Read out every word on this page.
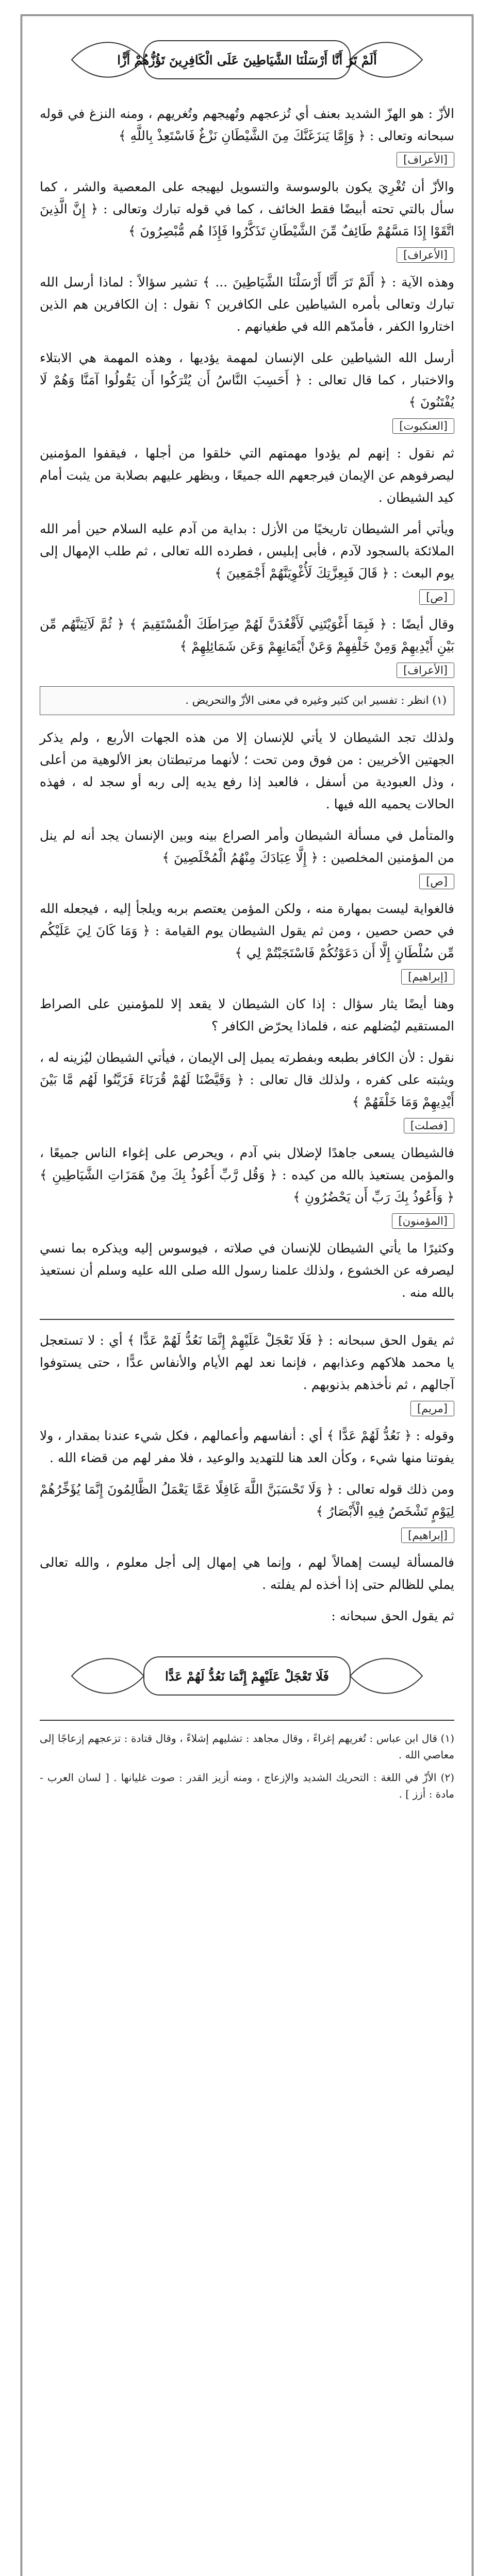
أَلَمْ تَرَ أَنَّا أَرْسَلْنَا الشَّيَاطِينَ عَلَى الْكَافِرِينَ تَؤُزُّهُمْ أَزًّا

الأزّ : هو الهزّ الشديد بعنف أي تُزعجهم وتُهيجهم وتُغريهم ، ومنه النزغ في قوله سبحانه وتعالى : ﴿ وَإِمَّا يَنزَغَنَّكَ مِنَ الشَّيْطَانِ نَزْغٌ فَاسْتَعِذْ بِاللَّهِ ﴾

[الأعراف]

والأزّ أن تُغْرِيَ يكون بالوسوسة والتسويل ليهيجه على المعصية والشر ، كما سأل بالتي تحته أبيضًا فقط الخائف ، كما في قوله تبارك وتعالى : ﴿ إِنَّ الَّذِينَ اتَّقَوْا إِذَا مَسَّهُمْ طَائِفٌ مِّنَ الشَّيْطَانِ تَذَكَّرُوا فَإِذَا هُم مُّبْصِرُونَ ﴾

[الأعراف]

وهذه الآية : ﴿ أَلَمْ تَرَ أَنَّا أَرْسَلْنَا الشَّيَاطِينَ ... ﴾ تشير سؤالاً : لماذا أرسل الله تبارك وتعالى بأمره الشياطين على الكافرين ؟ نقول : إن الكافرين هم الذين اختاروا الكفر ، فأمدّهم الله في طغيانهم .

أرسل الله الشياطين على الإنسان لمهمة يؤديها ، وهذه المهمة هي الابتلاء والاختبار ، كما قال تعالى : ﴿ أَحَسِبَ النَّاسُ أَن يُتْرَكُوا أَن يَقُولُوا آمَنَّا وَهُمْ لَا يُفْتَنُونَ ﴾

[العنكبوت]

ثم نقول : إنهم لم يؤدوا مهمتهم التي خلقوا من أجلها ، فيقفوا المؤمنين ليصرفوهم عن الإيمان فيرجعهم الله جميعًا ، وبظهر عليهم بصلابة من يثبت أمام كيد الشيطان .

ويأتي أمر الشيطان تاريخيًا من الأزل : بداية من آدم عليه السلام حين أمر الله الملائكة بالسجود لآدم ، فأبى إبليس ، فطرده الله تعالى ، ثم طلب الإمهال إلى يوم البعث : ﴿ قَالَ فَبِعِزَّتِكَ لَأُغْوِيَنَّهُمْ أَجْمَعِينَ ﴾

[ص]

وقال أيضًا : ﴿ فَبِمَا أَغْوَيْتَنِي لَأَقْعُدَنَّ لَهُمْ صِرَاطَكَ الْمُسْتَقِيمَ ﴾ ﴿ ثُمَّ لَآتِيَنَّهُم مِّن بَيْنِ أَيْدِيهِمْ وَمِنْ خَلْفِهِمْ وَعَنْ أَيْمَانِهِمْ وَعَن شَمَائِلِهِمْ ﴾

[الأعراف]
(١) انظر : تفسير ابن كثير وغيره في معنى الأزّ والتحريض .

ولذلك تجد الشيطان لا يأتي للإنسان إلا من هذه الجهات الأربع ، ولم يذكر الجهتين الأخريين : من فوق ومن تحت ؛ لأنهما مرتبطتان بعز الألوهية من أعلى ، وذل العبودية من أسفل ، فالعبد إذا رفع يديه إلى ربه أو سجد له ، فهذه الحالات يحميه الله فيها .

والمتأمل في مسألة الشيطان وأمر الصراع بينه وبين الإنسان يجد أنه لم ينل من المؤمنين المخلصين : ﴿ إِلَّا عِبَادَكَ مِنْهُمُ الْمُخْلَصِينَ ﴾

[ص]

فالغواية ليست بمهارة منه ، ولكن المؤمن يعتصم بربه ويلجأ إليه ، فيجعله الله في حصن حصين ، ومن ثم يقول الشيطان يوم القيامة : ﴿ وَمَا كَانَ لِيَ عَلَيْكُم مِّن سُلْطَانٍ إِلَّا أَن دَعَوْتُكُمْ فَاسْتَجَبْتُمْ لِي ﴾

[إبراهيم]

وهنا أيضًا يثار سؤال : إذا كان الشيطان لا يقعد إلا للمؤمنين على الصراط المستقيم ليُضلهم عنه ، فلماذا يحرّض الكافر ؟

نقول : لأن الكافر بطبعه وبفطرته يميل إلى الإيمان ، فيأتي الشيطان ليُزينه له ، ويثبته على كفره ، ولذلك قال تعالى : ﴿ وَقَيَّضْنَا لَهُمْ قُرَنَاءَ فَزَيَّنُوا لَهُم مَّا بَيْنَ أَيْدِيهِمْ وَمَا خَلْفَهُمْ ﴾

[فصلت]

فالشيطان يسعى جاهدًا لإضلال بني آدم ، ويحرص على إغواء الناس جميعًا ، والمؤمن يستعيذ بالله من كيده : ﴿ وَقُل رَّبِّ أَعُوذُ بِكَ مِنْ هَمَزَاتِ الشَّيَاطِينِ ﴾ ﴿ وَأَعُوذُ بِكَ رَبِّ أَن يَحْضُرُونِ ﴾

[المؤمنون]

وكثيرًا ما يأتي الشيطان للإنسان في صلاته ، فيوسوس إليه ويذكره بما نسي ليصرفه عن الخشوع ، ولذلك علمنا رسول الله صلى الله عليه وسلم أن نستعيذ بالله منه .

ثم يقول الحق سبحانه : ﴿ فَلَا تَعْجَلْ عَلَيْهِمْ إِنَّمَا نَعُدُّ لَهُمْ عَدًّا ﴾ أي : لا تستعجل يا محمد هلاكهم وعذابهم ، فإنما نعد لهم الأيام والأنفاس عدًّا ، حتى يستوفوا آجالهم ، ثم نأخذهم بذنوبهم .

[مريم]

وقوله : ﴿ نَعُدُّ لَهُمْ عَدًّا ﴾ أي : أنفاسهم وأعمالهم ، فكل شيء عندنا بمقدار ، ولا يفوتنا منها شيء ، وكأن العد هنا للتهديد والوعيد ، فلا مفر لهم من قضاء الله .

ومن ذلك قوله تعالى : ﴿ وَلَا تَحْسَبَنَّ اللَّهَ غَافِلًا عَمَّا يَعْمَلُ الظَّالِمُونَ إِنَّمَا يُؤَخِّرُهُمْ لِيَوْمٍ تَشْخَصُ فِيهِ الْأَبْصَارُ ﴾

[إبراهيم]

فالمسألة ليست إهمالاً لهم ، وإنما هي إمهال إلى أجل معلوم ، والله تعالى يملي للظالم حتى إذا أخذه لم يفلته .

ثم يقول الحق سبحانه :

فَلَا تَعْجَلْ عَلَيْهِمْ إِنَّمَا نَعُدُّ لَهُمْ عَدًّا

(١) قال ابن عباس : تُغريهم إغراءً ، وقال مجاهد : تشليهم إشلاءً ، وقال قتادة : تزعجهم إزعاجًا إلى معاصي الله .

(٢) الأزّ في اللغة : التحريك الشديد والإزعاج ، ومنه أزيز القدر : صوت غليانها . [ لسان العرب - مادة : أزز ] .
